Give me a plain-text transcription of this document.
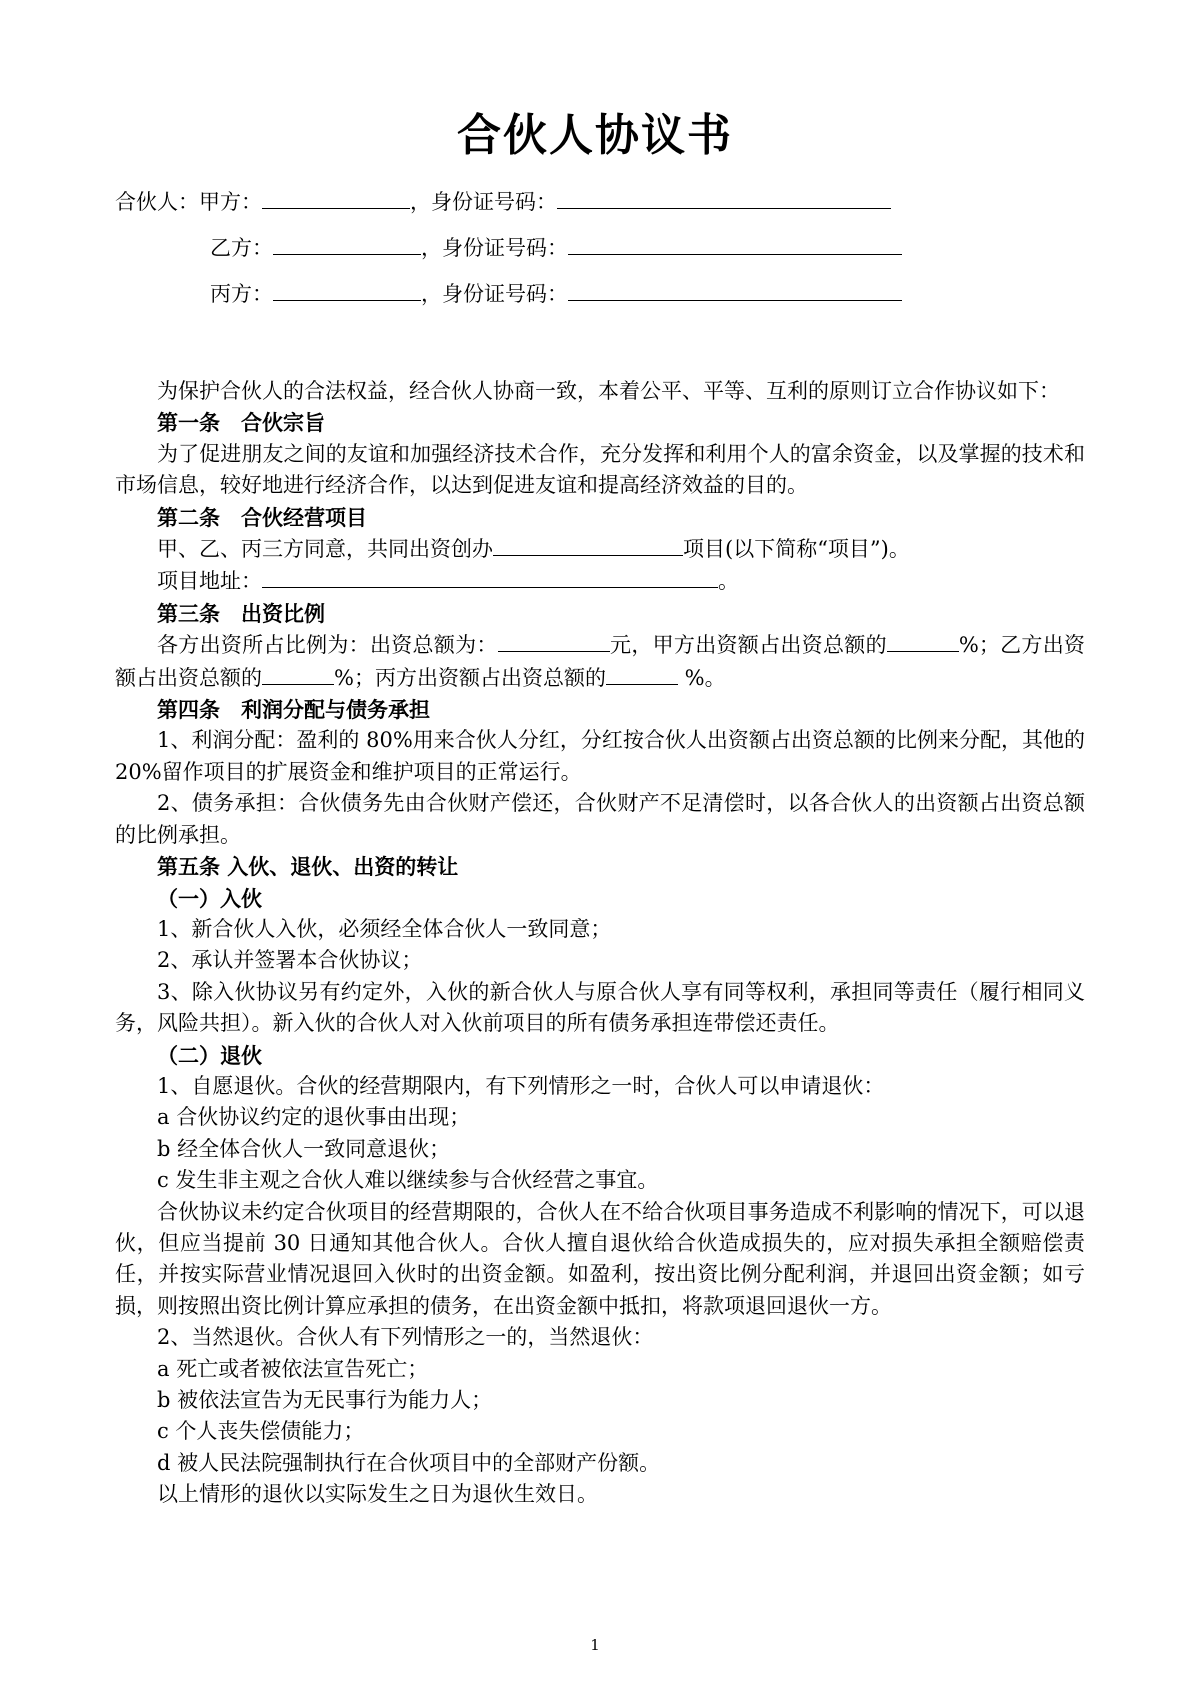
合伙人协议书
合伙人：甲方：	，身份证号码：
乙方：	，身份证号码：
丙方：	，身份证号码：

为保护合伙人的合法权益，经合伙人协商一致，本着公平、平等、互利的原则订立合作协议如下：

第一条　合伙宗旨

为了促进朋友之间的友谊和加强经济技术合作，充分发挥和利用个人的富余资金，以及掌握的技术和市场信息，较好地进行经济合作，以达到促进友谊和提高经济效益的目的。

第二条　合伙经营项目

甲、乙、丙三方同意，共同出资创办	项目(以下简称“项目”)。

项目地址：	。

第三条　出资比例

各方出资所占比例为：出资总额为：	元，甲方出资额占出资总额的	%；乙方出资额占出资总额的	%；丙方出资额占出资总额的	%。

第四条　利润分配与债务承担

1、利润分配：盈利的 80%用来合伙人分红，分红按合伙人出资额占出资总额的比例来分配，其他的 20%留作项目的扩展资金和维护项目的正常运行。

2、债务承担：合伙债务先由合伙财产偿还，合伙财产不足清偿时，以各合伙人的出资额占出资总额的比例承担。

第五条 入伙、退伙、出资的转让

（一）入伙

1、新合伙人入伙，必须经全体合伙人一致同意；

2、承认并签署本合伙协议；

3、除入伙协议另有约定外，入伙的新合伙人与原合伙人享有同等权利，承担同等责任（履行相同义务，风险共担）。新入伙的合伙人对入伙前项目的所有债务承担连带偿还责任。

（二）退伙

1、自愿退伙。合伙的经营期限内，有下列情形之一时，合伙人可以申请退伙：

a 合伙协议约定的退伙事由出现；

b 经全体合伙人一致同意退伙；

c 发生非主观之合伙人难以继续参与合伙经营之事宜。

合伙协议未约定合伙项目的经营期限的，合伙人在不给合伙项目事务造成不利影响的情况下，可以退伙，但应当提前 30 日通知其他合伙人。合伙人擅自退伙给合伙造成损失的，应对损失承担全额赔偿责任，并按实际营业情况退回入伙时的出资金额。如盈利，按出资比例分配利润，并退回出资金额；如亏损，则按照出资比例计算应承担的债务，在出资金额中抵扣，将款项退回退伙一方。

2、当然退伙。合伙人有下列情形之一的，当然退伙：

a 死亡或者被依法宣告死亡；

b 被依法宣告为无民事行为能力人；

c 个人丧失偿债能力；

d 被人民法院强制执行在合伙项目中的全部财产份额。

以上情形的退伙以实际发生之日为退伙生效日。

1
